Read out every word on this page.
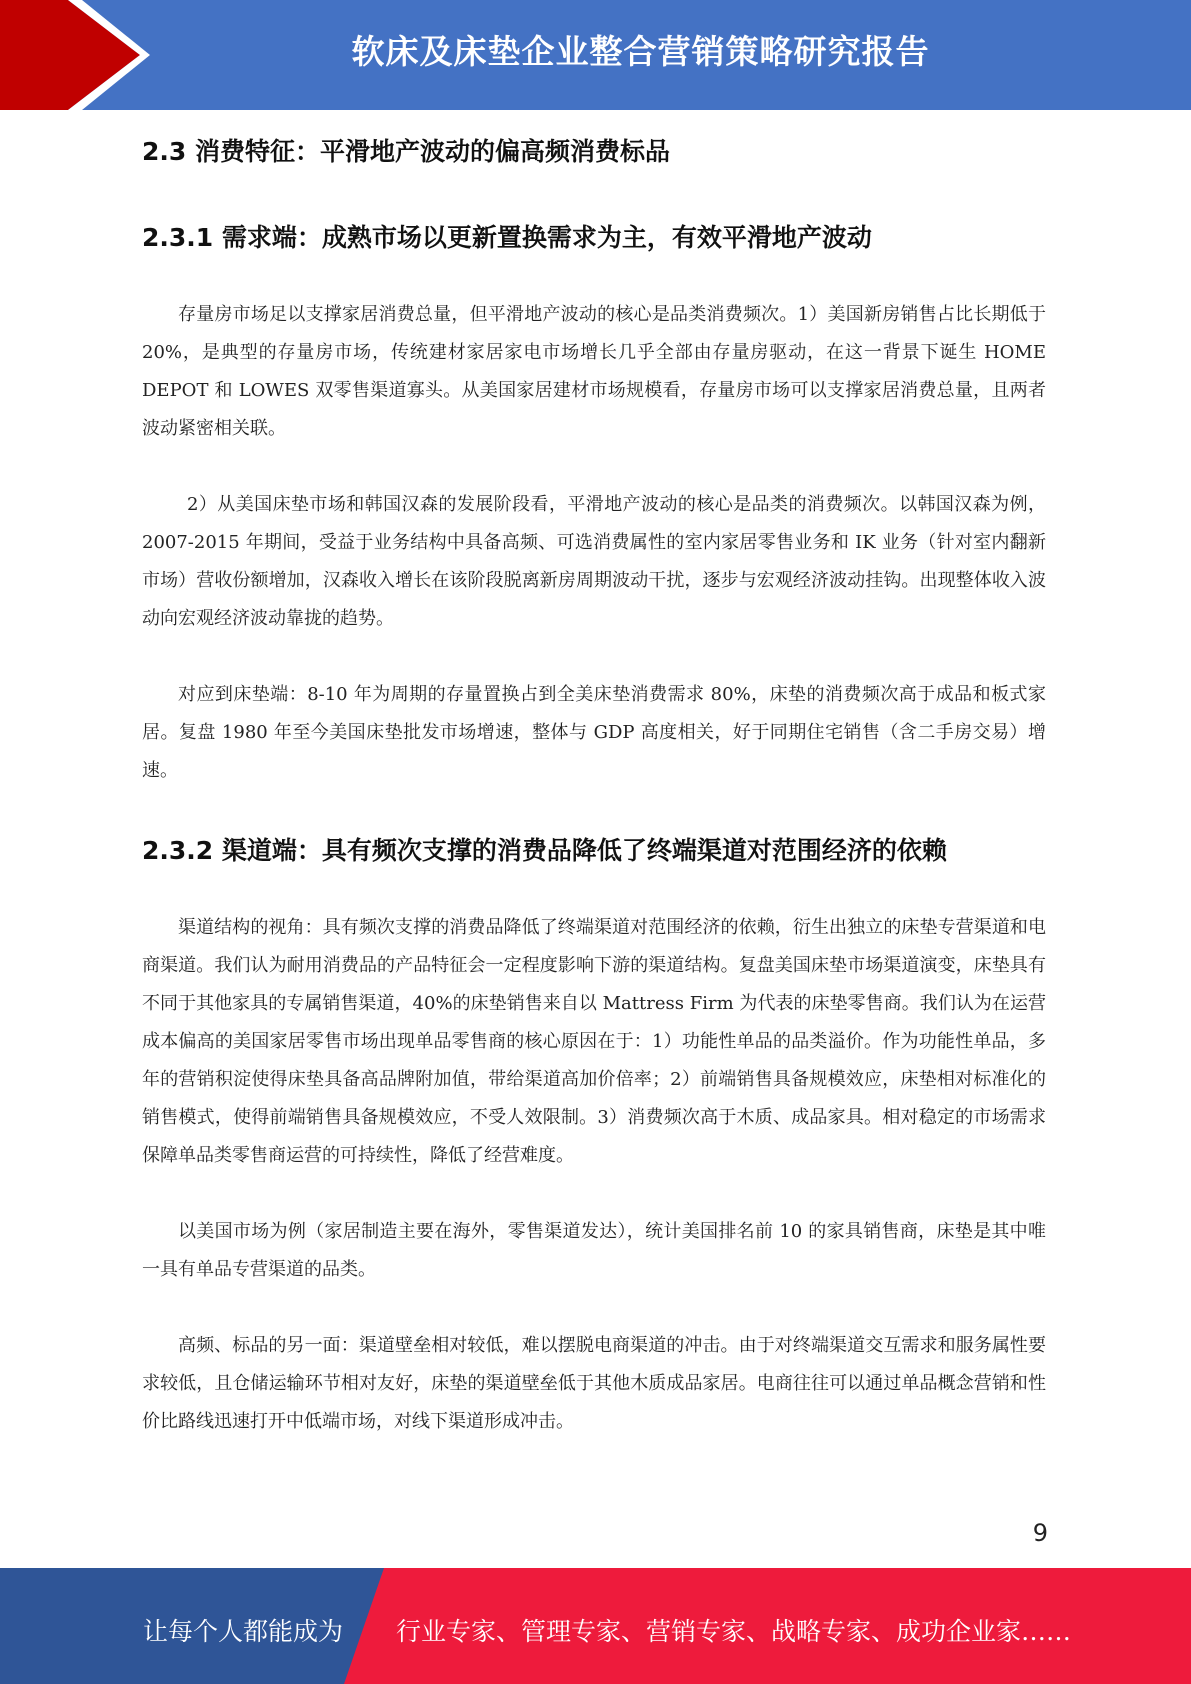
软床及床垫企业整合营销策略研究报告
2.3 消费特征：平滑地产波动的偏高频消费标品
2.3.1 需求端：成熟市场以更新置换需求为主，有效平滑地产波动

存量房市场足以支撑家居消费总量，但平滑地产波动的核心是品类消费频次。1）美国新房销售占比长期低于 20%，是典型的存量房市场，传统建材家居家电市场增长几乎全部由存量房驱动，在这一背景下诞生 HOME DEPOT 和 LOWES 双零售渠道寡头。从美国家居建材市场规模看，存量房市场可以支撑家居消费总量，且两者波动紧密相关联。

2）从美国床垫市场和韩国汉森的发展阶段看，平滑地产波动的核心是品类的消费频次。以韩国汉森为例，2007-2015 年期间，受益于业务结构中具备高频、可选消费属性的室内家居零售业务和 IK 业务（针对室内翻新市场）营收份额增加，汉森收入增长在该阶段脱离新房周期波动干扰，逐步与宏观经济波动挂钩。出现整体收入波动向宏观经济波动靠拢的趋势。

对应到床垫端：8-10 年为周期的存量置换占到全美床垫消费需求 80%，床垫的消费频次高于成品和板式家居。复盘 1980 年至今美国床垫批发市场增速，整体与 GDP 高度相关，好于同期住宅销售（含二手房交易）增速。

2.3.2 渠道端：具有频次支撑的消费品降低了终端渠道对范围经济的依赖

渠道结构的视角：具有频次支撑的消费品降低了终端渠道对范围经济的依赖，衍生出独立的床垫专营渠道和电商渠道。我们认为耐用消费品的产品特征会一定程度影响下游的渠道结构。复盘美国床垫市场渠道演变，床垫具有不同于其他家具的专属销售渠道，40%的床垫销售来自以 Mattress Firm 为代表的床垫零售商。我们认为在运营成本偏高的美国家居零售市场出现单品零售商的核心原因在于：1）功能性单品的品类溢价。作为功能性单品，多年的营销积淀使得床垫具备高品牌附加值，带给渠道高加价倍率；2）前端销售具备规模效应，床垫相对标准化的销售模式，使得前端销售具备规模效应，不受人效限制。3）消费频次高于木质、成品家具。相对稳定的市场需求保障单品类零售商运营的可持续性，降低了经营难度。

以美国市场为例（家居制造主要在海外，零售渠道发达），统计美国排名前 10 的家具销售商，床垫是其中唯一具有单品专营渠道的品类。

高频、标品的另一面：渠道壁垒相对较低，难以摆脱电商渠道的冲击。由于对终端渠道交互需求和服务属性要求较低，且仓储运输环节相对友好，床垫的渠道壁垒低于其他木质成品家居。电商往往可以通过单品概念营销和性价比路线迅速打开中低端市场，对线下渠道形成冲击。

9
让每个人都能成为 行业专家、管理专家、营销专家、战略专家、成功企业家……
